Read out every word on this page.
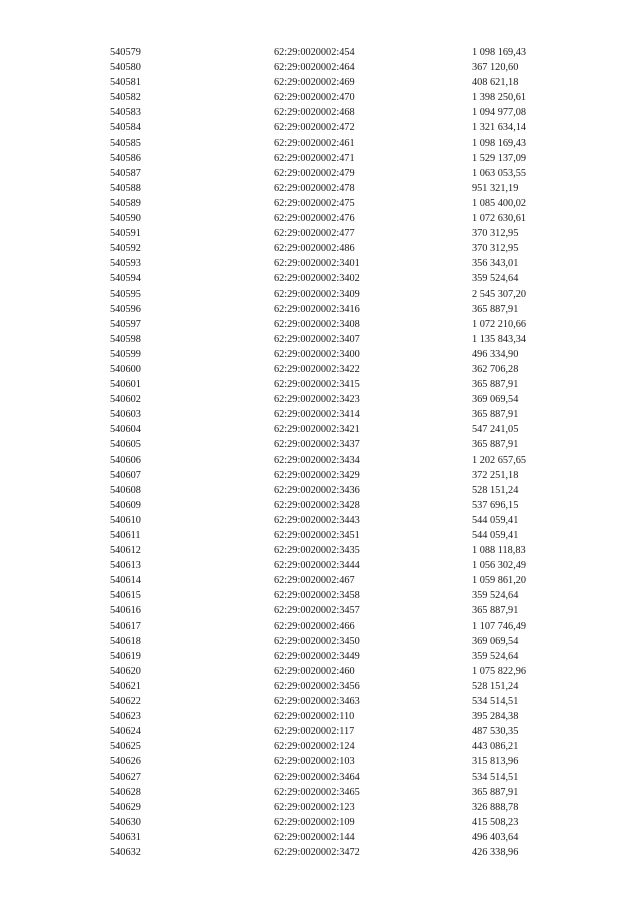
540579	62:29:0020002:454	1 098 169,43
540580	62:29:0020002:464	367 120,60
540581	62:29:0020002:469	408 621,18
540582	62:29:0020002:470	1 398 250,61
540583	62:29:0020002:468	1 094 977,08
540584	62:29:0020002:472	1 321 634,14
540585	62:29:0020002:461	1 098 169,43
540586	62:29:0020002:471	1 529 137,09
540587	62:29:0020002:479	1 063 053,55
540588	62:29:0020002:478	951 321,19
540589	62:29:0020002:475	1 085 400,02
540590	62:29:0020002:476	1 072 630,61
540591	62:29:0020002:477	370 312,95
540592	62:29:0020002:486	370 312,95
540593	62:29:0020002:3401	356 343,01
540594	62:29:0020002:3402	359 524,64
540595	62:29:0020002:3409	2 545 307,20
540596	62:29:0020002:3416	365 887,91
540597	62:29:0020002:3408	1 072 210,66
540598	62:29:0020002:3407	1 135 843,34
540599	62:29:0020002:3400	496 334,90
540600	62:29:0020002:3422	362 706,28
540601	62:29:0020002:3415	365 887,91
540602	62:29:0020002:3423	369 069,54
540603	62:29:0020002:3414	365 887,91
540604	62:29:0020002:3421	547 241,05
540605	62:29:0020002:3437	365 887,91
540606	62:29:0020002:3434	1 202 657,65
540607	62:29:0020002:3429	372 251,18
540608	62:29:0020002:3436	528 151,24
540609	62:29:0020002:3428	537 696,15
540610	62:29:0020002:3443	544 059,41
540611	62:29:0020002:3451	544 059,41
540612	62:29:0020002:3435	1 088 118,83
540613	62:29:0020002:3444	1 056 302,49
540614	62:29:0020002:467	1 059 861,20
540615	62:29:0020002:3458	359 524,64
540616	62:29:0020002:3457	365 887,91
540617	62:29:0020002:466	1 107 746,49
540618	62:29:0020002:3450	369 069,54
540619	62:29:0020002:3449	359 524,64
540620	62:29:0020002:460	1 075 822,96
540621	62:29:0020002:3456	528 151,24
540622	62:29:0020002:3463	534 514,51
540623	62:29:0020002:110	395 284,38
540624	62:29:0020002:117	487 530,35
540625	62:29:0020002:124	443 086,21
540626	62:29:0020002:103	315 813,96
540627	62:29:0020002:3464	534 514,51
540628	62:29:0020002:3465	365 887,91
540629	62:29:0020002:123	326 888,78
540630	62:29:0020002:109	415 508,23
540631	62:29:0020002:144	496 403,64
540632	62:29:0020002:3472	426 338,96
